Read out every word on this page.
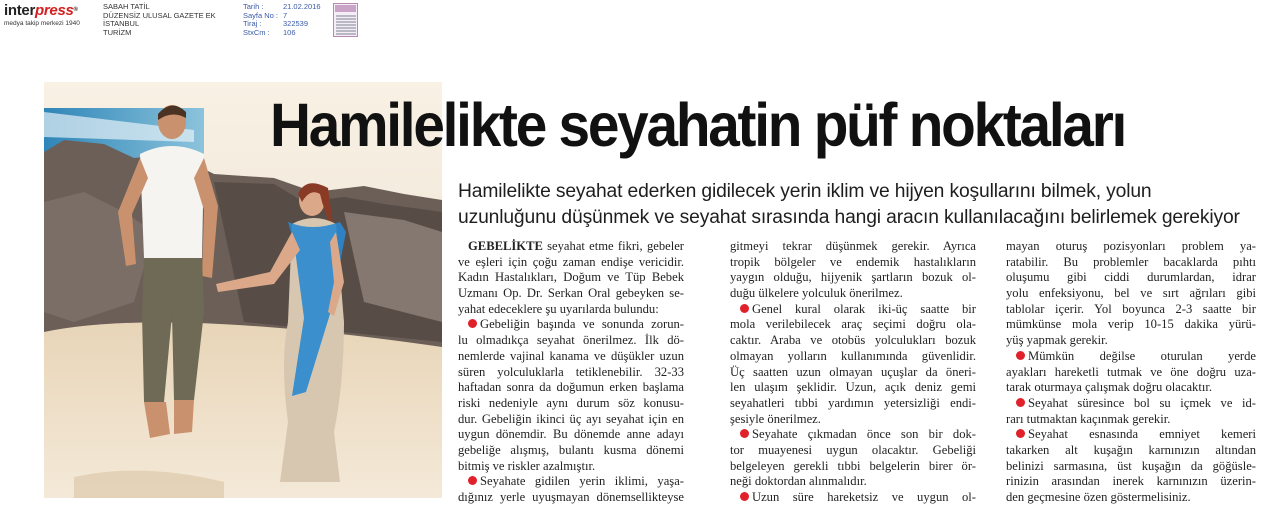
interpress®
medya takip merkezi 1940
SABAH TATİL
DÜZENSİZ ULUSAL GAZETE EK
İSTANBUL
TURİZM
Tarih :	21.02.2016
Sayfa No : 7
Tiraj :	322539
StxCm :	106
Hamilelikte seyahatin püf noktaları
Hamilelikte seyahat ederken gidilecek yerin iklim ve hijyen koşullarını bilmek, yolun
uzunluğunu düşünmek ve seyahat sırasında hangi aracın kullanılacağını belirlemek gerekiyor
GEBELİKTE seyahat etme fikri, gebeler
ve eşleri için çoğu zaman endişe vericidir.
Kadın Hastalıkları, Doğum ve Tüp Bebek
Uzmanı Op. Dr. Serkan Oral gebeyken se-
yahat edeceklere şu uyarılarda bulundu:
Gebeliğin başında ve sonunda zorun-
lu olmadıkça seyahat önerilmez. İlk dö-
nemlerde vajinal kanama ve düşükler uzun
süren yolculuklarla tetiklenebilir. 32-33
haftadan sonra da doğumun erken başlama
riski nedeniyle aynı durum söz konusu-
dur. Gebeliğin ikinci üç ayı seyahat için en
uygun dönemdir. Bu dönemde anne adayı
gebeliğe alışmış, bulantı kusma dönemi
bitmiş ve riskler azalmıştır.
Seyahate gidilen yerin iklimi, yaşa-
dığınız yerle uyuşmayan dönemsellikteyse
gitmeyi tekrar düşünmek gerekir. Ayrıca
tropik bölgeler ve endemik hastalıkların
yaygın olduğu, hijyenik şartların bozuk ol-
duğu ülkelere yolculuk önerilmez.
Genel kural olarak iki-üç saatte bir
mola verilebilecek araç seçimi doğru ola-
caktır. Araba ve otobüs yolculukları bozuk
olmayan yolların kullanımında güvenlidir.
Üç saatten uzun olmayan uçuşlar da öneri-
len ulaşım şeklidir. Uzun, açık deniz gemi
seyahatleri tıbbi yardımın yetersizliği endi-
şesiyle önerilmez.
Seyahate çıkmadan önce son bir dok-
tor muayenesi uygun olacaktır. Gebeliği
belgeleyen gerekli tıbbi belgelerin birer ör-
neği doktordan alınmalıdır.
Uzun süre hareketsiz ve uygun ol-
mayan oturuş pozisyonları problem ya-
ratabilir. Bu problemler bacaklarda pıhtı
oluşumu gibi ciddi durumlardan, idrar
yolu enfeksiyonu, bel ve sırt ağrıları gibi
tablolar içerir. Yol boyunca 2-3 saatte bir
mümkünse mola verip 10-15 dakika yürü-
yüş yapmak gerekir.
Mümkün değilse oturulan yerde
ayakları hareketli tutmak ve öne doğru uza-
tarak oturmaya çalışmak doğru olacaktır.
Seyahat süresince bol su içmek ve id-
rarı tutmaktan kaçınmak gerekir.
Seyahat esnasında emniyet kemeri
takarken alt kuşağın karnınızın altından
belinizi sarmasına, üst kuşağın da göğüsle-
rinizin arasından inerek karnınızın üzerin-
den geçmesine özen göstermelisiniz.
